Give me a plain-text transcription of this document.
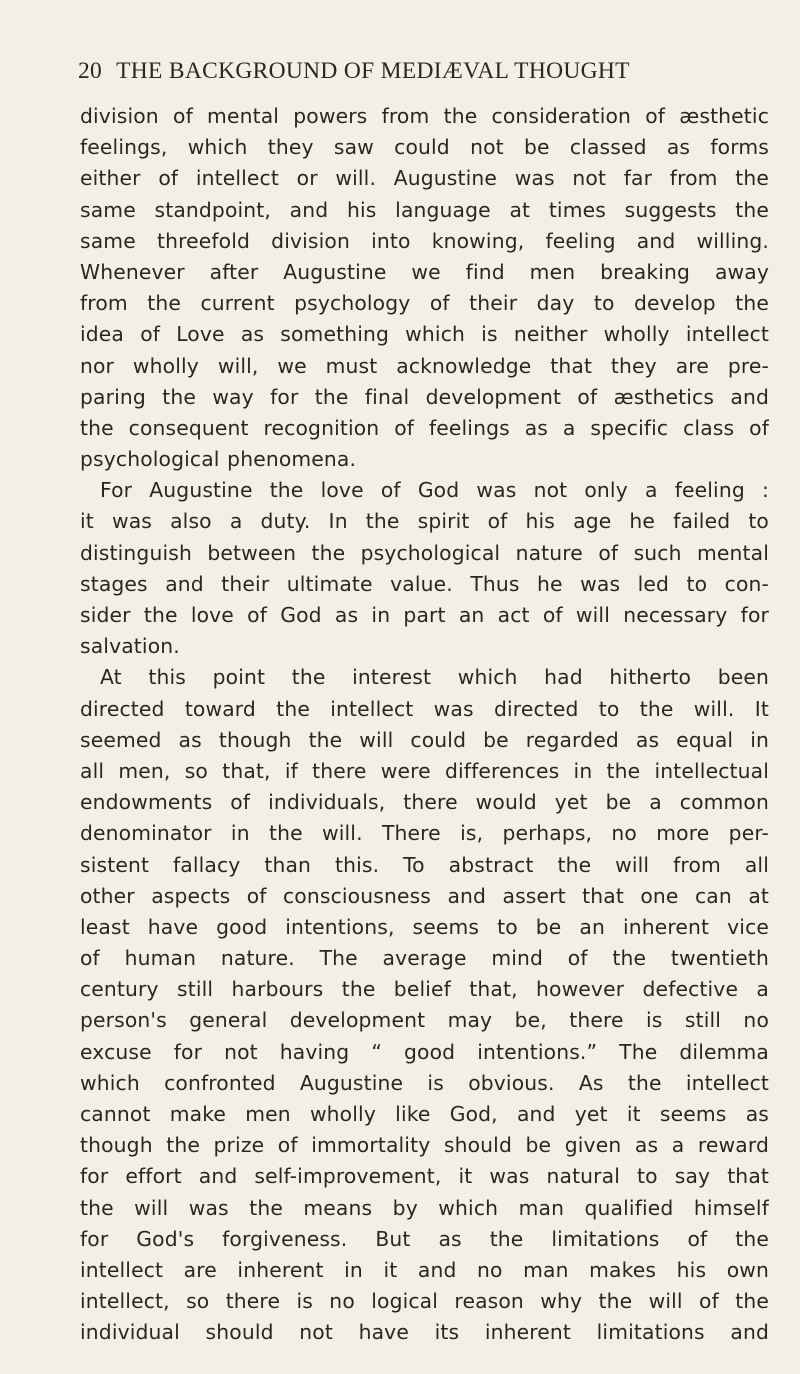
20 THE BACKGROUND OF MEDIÆVAL THOUGHT
division of mental powers from the consideration of æsthetic
feelings, which they saw could not be classed as forms
either of intellect or will. Augustine was not far from the
same standpoint, and his language at times suggests the
same threefold division into knowing, feeling and willing.
Whenever after Augustine we find men breaking away
from the current psychology of their day to develop the
idea of Love as something which is neither wholly intellect
nor wholly will, we must acknowledge that they are pre-
paring the way for the final development of æsthetics and
the consequent recognition of feelings as a specific class of
psychological phenomena.
For Augustine the love of God was not only a feeling :
it was also a duty. In the spirit of his age he failed to
distinguish between the psychological nature of such mental
stages and their ultimate value. Thus he was led to con-
sider the love of God as in part an act of will necessary for
salvation.
At this point the interest which had hitherto been
directed toward the intellect was directed to the will. It
seemed as though the will could be regarded as equal in
all men, so that, if there were differences in the intellectual
endowments of individuals, there would yet be a common
denominator in the will. There is, perhaps, no more per-
sistent fallacy than this. To abstract the will from all
other aspects of consciousness and assert that one can at
least have good intentions, seems to be an inherent vice
of human nature. The average mind of the twentieth
century still harbours the belief that, however defective a
person's general development may be, there is still no
excuse for not having “ good intentions.” The dilemma
which confronted Augustine is obvious. As the intellect
cannot make men wholly like God, and yet it seems as
though the prize of immortality should be given as a reward
for effort and self-improvement, it was natural to say that
the will was the means by which man qualified himself
for God's forgiveness. But as the limitations of the
intellect are inherent in it and no man makes his own
intellect, so there is no logical reason why the will of the
individual should not have its inherent limitations and
